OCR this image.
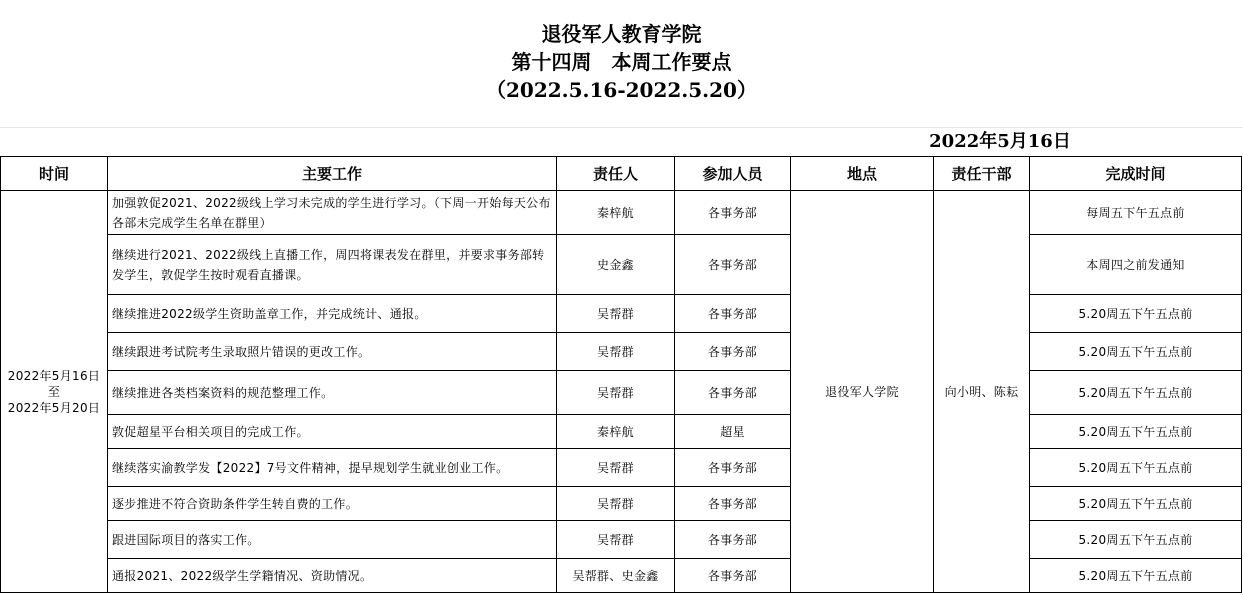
退役军人教育学院
第十四周　本周工作要点
（2022.5.16-2022.5.20）
2022年5月16日
时间	主要工作	责任人	参加人员	地点	责任干部	完成时间

2022年5月16日
至
2022年5月20日	加强敦促2021、2022级线上学习未完成的学生进行学习。（下周一开始每天公布各部未完成学生名单在群里）	秦梓航	各事务部	退役军人学院	向小明、陈耘	每周五下午五点前
	继续进行2021、2022级线上直播工作，周四将课表发在群里，并要求事务部转发学生，敦促学生按时观看直播课。	史金鑫	各事务部			本周四之前发通知
	继续推进2022级学生资助盖章工作，并完成统计、通报。	吴帮群	各事务部			5.20周五下午五点前
	继续跟进考试院考生录取照片错误的更改工作。	吴帮群	各事务部			5.20周五下午五点前
	继续推进各类档案资料的规范整理工作。	吴帮群	各事务部			5.20周五下午五点前
	敦促超星平台相关项目的完成工作。	秦梓航	超星			5.20周五下午五点前
	继续落实渝教学发【2022】7号文件精神，提早规划学生就业创业工作。	吴帮群	各事务部			5.20周五下午五点前
	逐步推进不符合资助条件学生转自费的工作。	吴帮群	各事务部			5.20周五下午五点前
	跟进国际项目的落实工作。	吴帮群	各事务部			5.20周五下午五点前
	通报2021、2022级学生学籍情况、资助情况。	吴帮群、史金鑫	各事务部			5.20周五下午五点前
